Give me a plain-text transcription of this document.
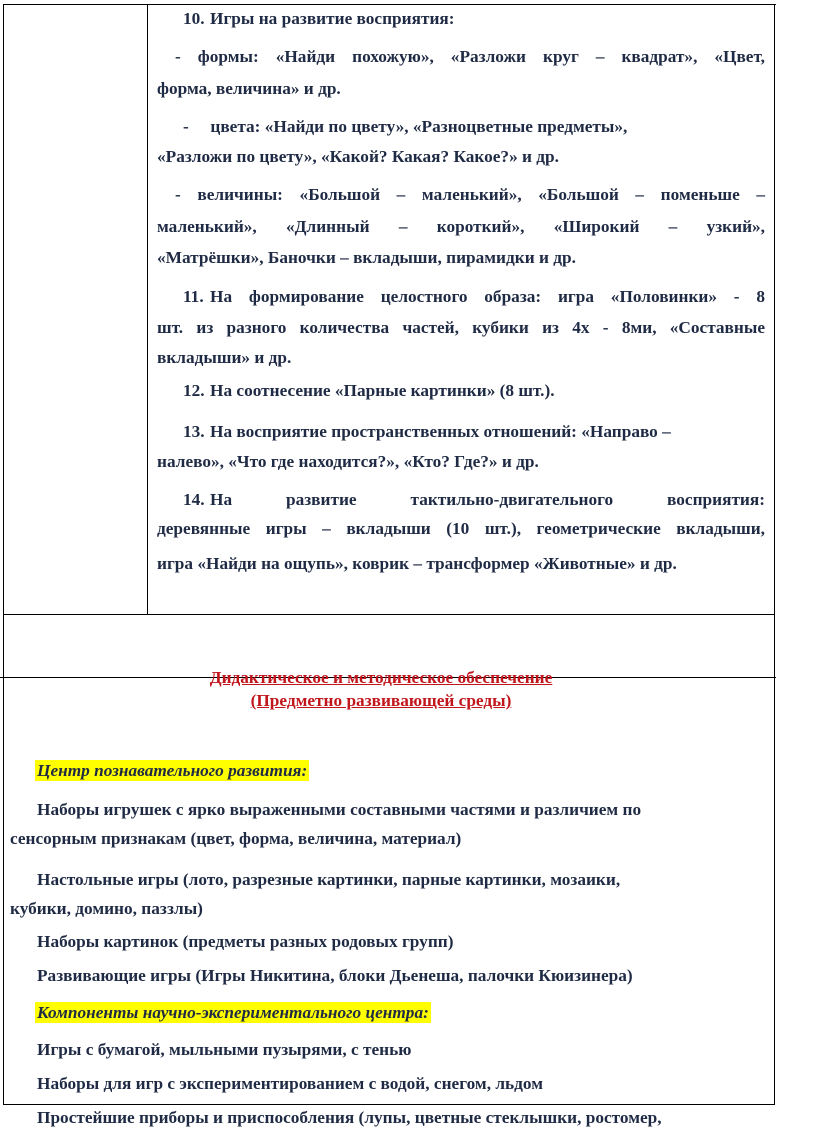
10. Игры на развитие восприятия:
- формы: «Найди похожую», «Разложи круг – квадрат», «Цвет,
форма, величина» и др.
-     цвета: «Найди по цвету», «Разноцветные предметы»,
«Разложи по цвету», «Какой? Какая? Какое?» и др.
- величины: «Большой – маленький», «Большой – поменьше –
маленький», «Длинный – короткий», «Широкий – узкий»,
«Матрёшки», Баночки – вкладыши, пирамидки и др.
11. На формирование целостного образа: игра «Половинки» - 8
шт. из разного количества частей, кубики из 4х - 8ми, «Составные
вкладыши» и др.
12. На соотнесение «Парные картинки» (8 шт.).
13. На восприятие пространственных отношений: «Направо –
налево», «Что где находится?», «Кто? Где?» и др.
14. На развитие тактильно-двигательного восприятия:
деревянные игры – вкладыши (10 шт.), геометрические вкладыши,
игра «Найди на ощупь», коврик – трансформер «Животные» и др.
Дидактическое и методическое обеспечение
(Предметно развивающей среды)
Центр познавательного развития:
Наборы игрушек с ярко выраженными составными частями и различием по
сенсорным признакам (цвет, форма, величина, материал)
Настольные игры (лото, разрезные картинки, парные картинки, мозаики,
кубики, домино, паззлы)
Наборы картинок (предметы разных родовых групп)
Развивающие игры (Игры Никитина, блоки Дьенеша, палочки Кюизинера)
Компоненты научно-экспериментального центра:
Игры с бумагой, мыльными пузырями, с тенью
Наборы для игр с экспериментированием с водой, снегом, льдом
Простейшие приборы и приспособления (лупы, цветные стеклышки, ростомер,
